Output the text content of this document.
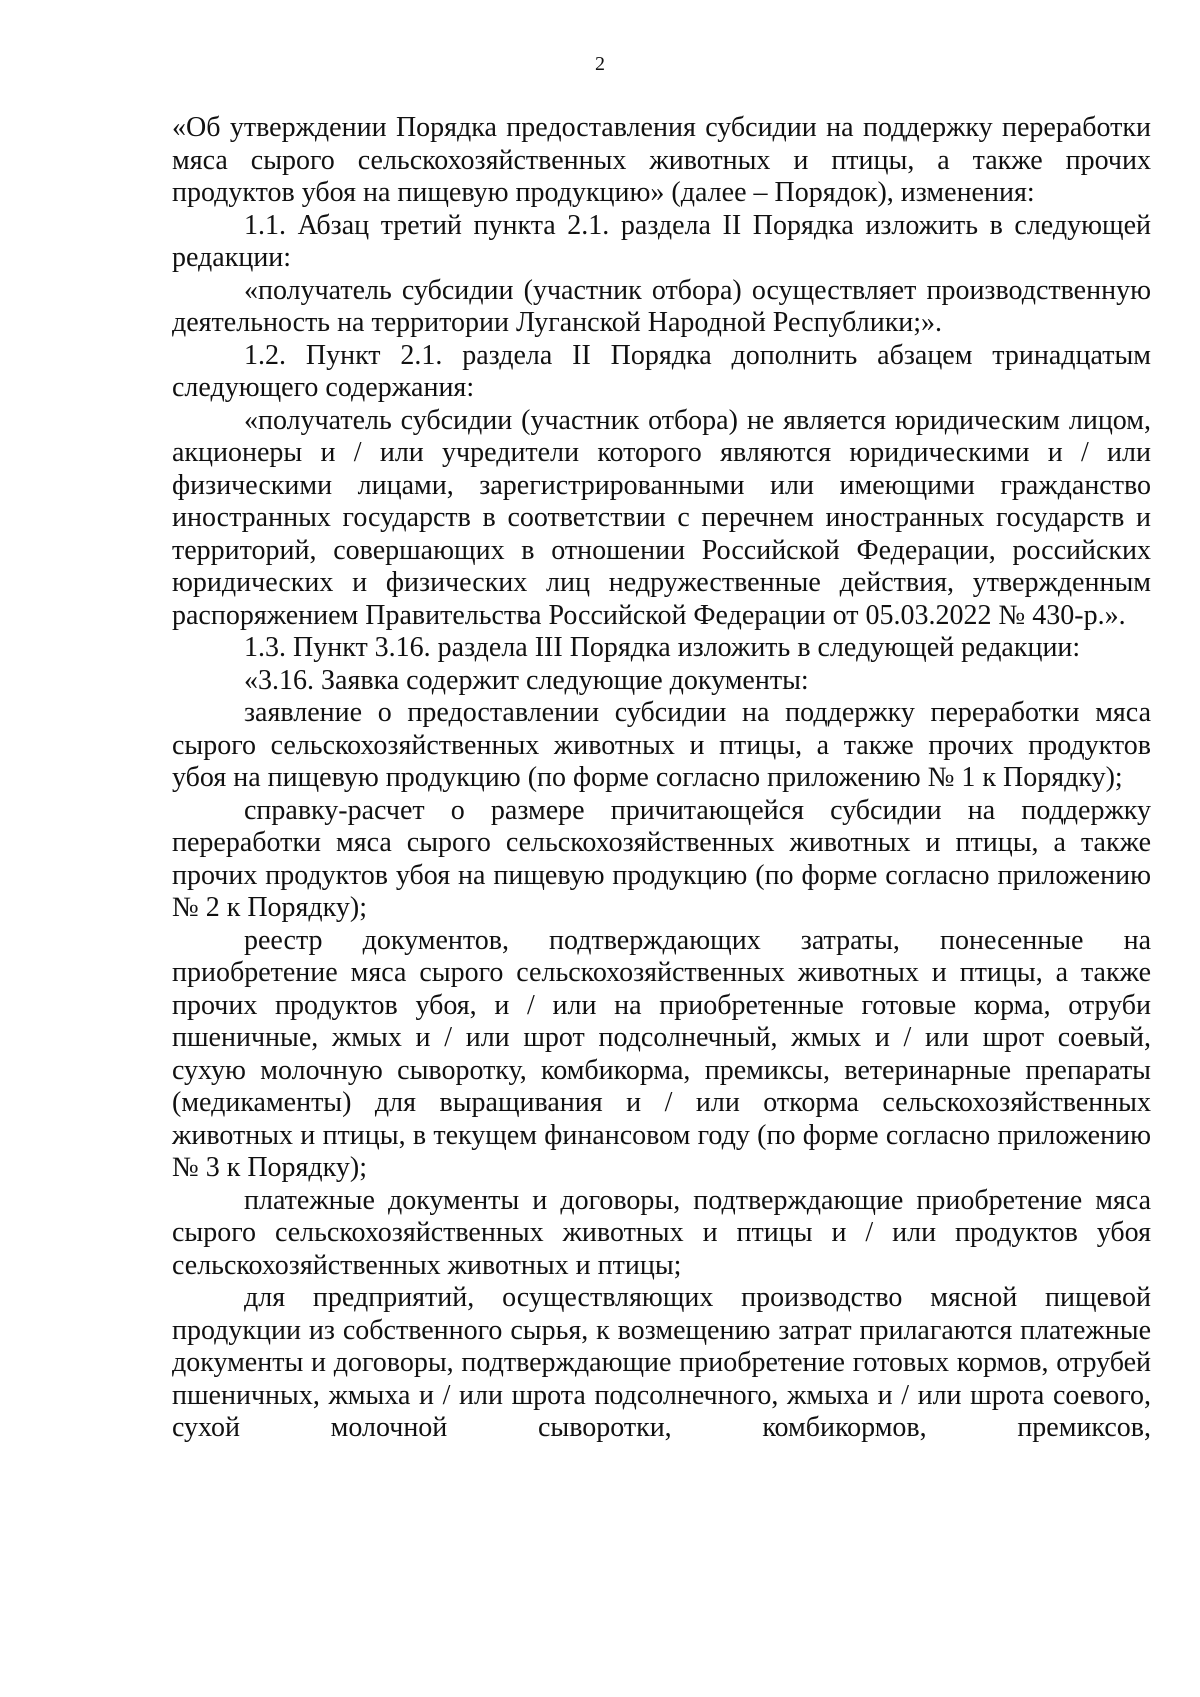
2

«Об утверждении Порядка предоставления субсидии на поддержку переработки мяса сырого сельскохозяйственных животных и птицы, а также прочих продуктов убоя на пищевую продукцию» (далее – Порядок), изменения:

1.1. Абзац третий пункта 2.1. раздела II Порядка изложить в следующей редакции:

«получатель субсидии (участник отбора) осуществляет производственную деятельность на территории Луганской Народной Республики;».

1.2. Пункт 2.1. раздела II Порядка дополнить абзацем тринадцатым следующего содержания:

«получатель субсидии (участник отбора) не является юридическим лицом, акционеры и / или учредители которого являются юридическими и / или физическими лицами, зарегистрированными или имеющими гражданство иностранных государств в соответствии с перечнем иностранных государств и территорий, совершающих в отношении Российской Федерации, российских юридических и физических лиц недружественные действия, утвержденным распоряжением Правительства Российской Федерации от 05.03.2022 № 430-р.».

1.3. Пункт 3.16. раздела III Порядка изложить в следующей редакции:

«3.16. Заявка содержит следующие документы:

заявление о предоставлении субсидии на поддержку переработки мяса сырого сельскохозяйственных животных и птицы, а также прочих продуктов убоя на пищевую продукцию (по форме согласно приложению № 1 к Порядку);

справку-расчет о размере причитающейся субсидии на поддержку переработки мяса сырого сельскохозяйственных животных и птицы, а также прочих продуктов убоя на пищевую продукцию (по форме согласно приложению № 2 к Порядку);

реестр документов, подтверждающих затраты, понесенные на приобретение мяса сырого сельскохозяйственных животных и птицы, а также прочих продуктов убоя, и / или на приобретенные готовые корма, отруби пшеничные, жмых и / или шрот подсолнечный, жмых и / или шрот соевый, сухую молочную сыворотку, комбикорма, премиксы, ветеринарные препараты (медикаменты) для выращивания и / или откорма сельскохозяйственных животных и птицы, в текущем финансовом году (по форме согласно приложению № 3 к Порядку);

платежные документы и договоры, подтверждающие приобретение мяса сырого сельскохозяйственных животных и птицы и / или продуктов убоя сельскохозяйственных животных и птицы;

для предприятий, осуществляющих производство мясной пищевой продукции из собственного сырья, к возмещению затрат прилагаются платежные документы и договоры, подтверждающие приобретение готовых кормов, отрубей пшеничных, жмыха и / или шрота подсолнечного, жмыха и / или шрота соевого, сухой молочной сыворотки, комбикормов, премиксов,
